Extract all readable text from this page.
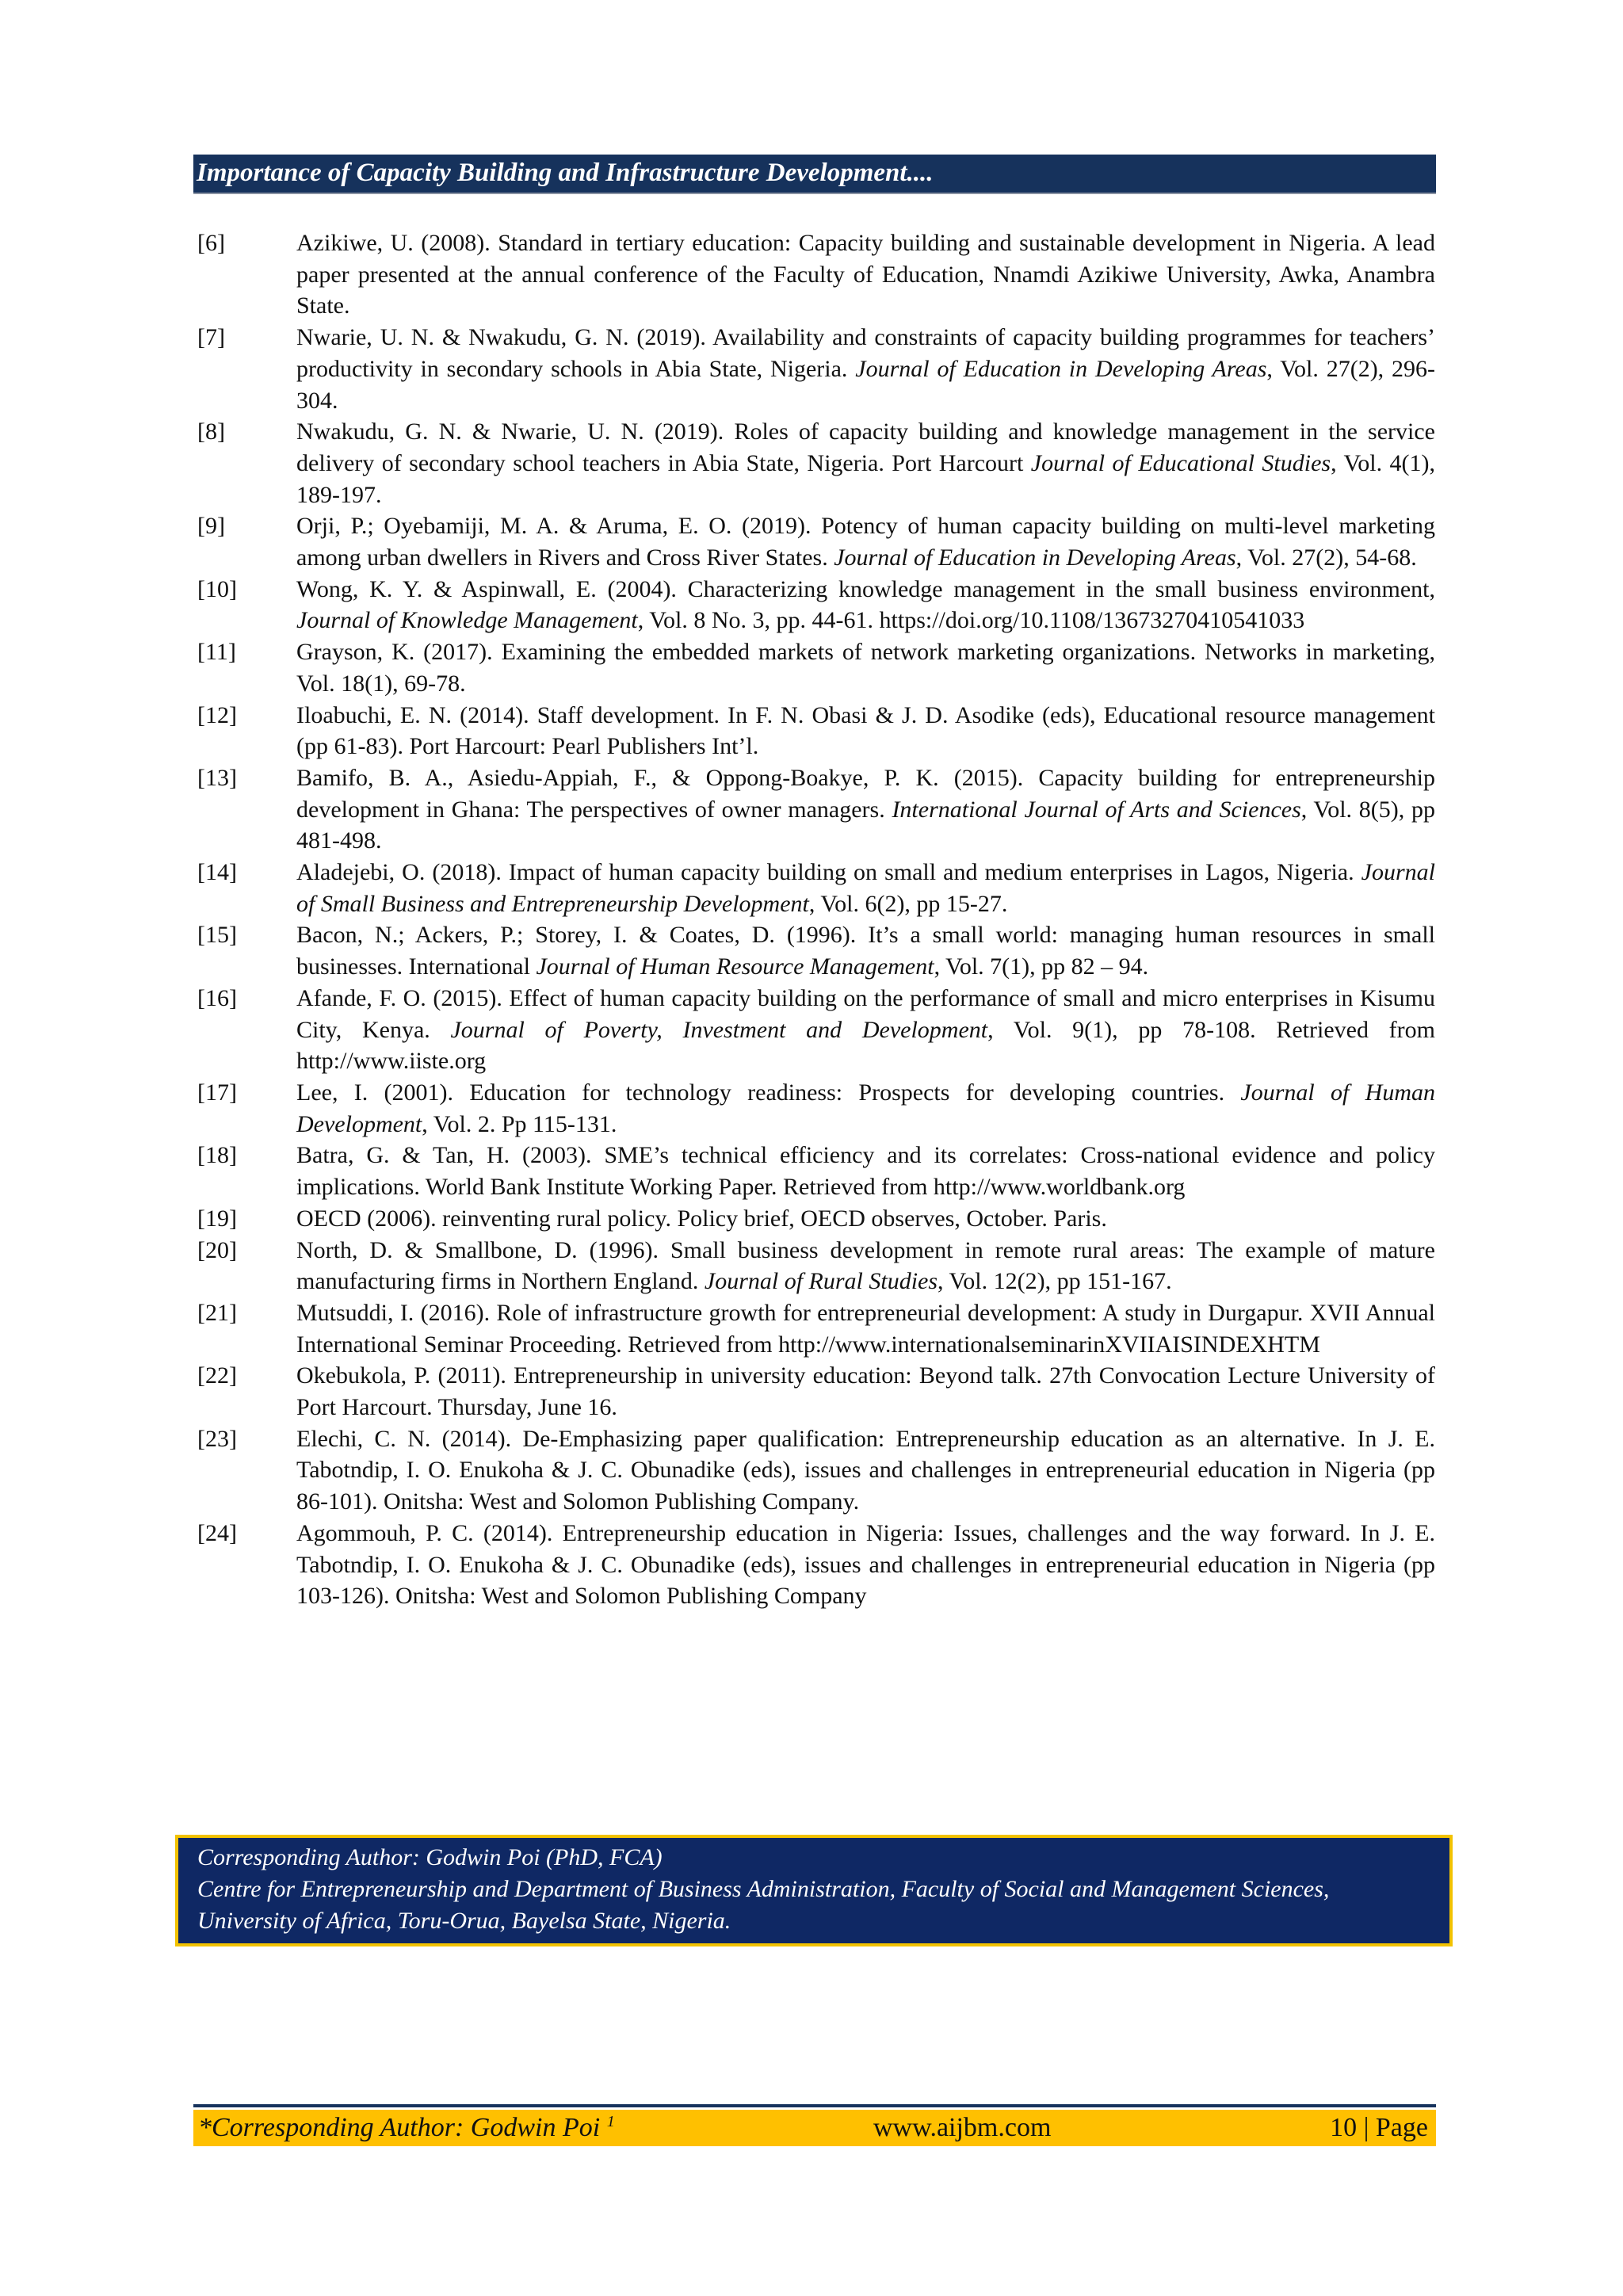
Importance of Capacity Building and Infrastructure Development....
[6]	Azikiwe, U. (2008). Standard in tertiary education: Capacity building and sustainable development in Nigeria. A lead paper presented at the annual conference of the Faculty of Education, Nnamdi Azikiwe University, Awka, Anambra State.
[7]	Nwarie, U. N. & Nwakudu, G. N. (2019). Availability and constraints of capacity building programmes for teachers’ productivity in secondary schools in Abia State, Nigeria. Journal of Education in Developing Areas, Vol. 27(2), 296-304.
[8]	Nwakudu, G. N. & Nwarie, U. N. (2019). Roles of capacity building and knowledge management in the service delivery of secondary school teachers in Abia State, Nigeria. Port Harcourt Journal of Educational Studies, Vol. 4(1), 189-197.
[9]	Orji, P.; Oyebamiji, M. A. & Aruma, E. O. (2019). Potency of human capacity building on multi-level marketing among urban dwellers in Rivers and Cross River States. Journal of Education in Developing Areas, Vol. 27(2), 54-68.
[10]	Wong, K. Y. & Aspinwall, E. (2004). Characterizing knowledge management in the small business environment, Journal of Knowledge Management, Vol. 8 No. 3, pp. 44-61. https://doi.org/10.1108/13673270410541033
[11]	Grayson, K. (2017). Examining the embedded markets of network marketing organizations. Networks in marketing, Vol. 18(1), 69-78.
[12]	Iloabuchi, E. N. (2014). Staff development. In F. N. Obasi & J. D. Asodike (eds), Educational resource management (pp 61-83). Port Harcourt: Pearl Publishers Int’l.
[13]	Bamifo, B. A., Asiedu-Appiah, F., & Oppong-Boakye, P. K. (2015). Capacity building for entrepreneurship development in Ghana: The perspectives of owner managers. International Journal of Arts and Sciences, Vol. 8(5), pp 481-498.
[14]	Aladejebi, O. (2018). Impact of human capacity building on small and medium enterprises in Lagos, Nigeria. Journal of Small Business and Entrepreneurship Development, Vol. 6(2), pp 15-27.
[15]	Bacon, N.; Ackers, P.; Storey, I. & Coates, D. (1996). It’s a small world: managing human resources in small businesses. International Journal of Human Resource Management, Vol. 7(1), pp 82 – 94.
[16]	Afande, F. O. (2015). Effect of human capacity building on the performance of small and micro enterprises in Kisumu City, Kenya. Journal of Poverty, Investment and Development, Vol. 9(1), pp 78-108. Retrieved from http://www.iiste.org
[17]	Lee, I. (2001). Education for technology readiness: Prospects for developing countries. Journal of Human Development, Vol. 2. Pp 115-131.
[18]	Batra, G. & Tan, H. (2003). SME’s technical efficiency and its correlates: Cross-national evidence and policy implications. World Bank Institute Working Paper. Retrieved from http://www.worldbank.org
[19]	OECD (2006). reinventing rural policy. Policy brief, OECD observes, October. Paris.
[20]	North, D. & Smallbone, D. (1996). Small business development in remote rural areas: The example of mature manufacturing firms in Northern England. Journal of Rural Studies, Vol. 12(2), pp 151-167.
[21]	Mutsuddi, I. (2016). Role of infrastructure growth for entrepreneurial development: A study in Durgapur. XVII Annual International Seminar Proceeding. Retrieved from http://www.internationalseminarinXVIIAISINDEXHTM
[22]	Okebukola, P. (2011). Entrepreneurship in university education: Beyond talk. 27th Convocation Lecture University of Port Harcourt. Thursday, June 16.
[23]	Elechi, C. N. (2014). De-Emphasizing paper qualification: Entrepreneurship education as an alternative. In J. E. Tabotndip, I. O. Enukoha & J. C. Obunadike (eds), issues and challenges in entrepreneurial education in Nigeria (pp 86-101). Onitsha: West and Solomon Publishing Company.
[24]	Agommouh, P. C. (2014). Entrepreneurship education in Nigeria: Issues, challenges and the way forward. In J. E. Tabotndip, I. O. Enukoha & J. C. Obunadike (eds), issues and challenges in entrepreneurial education in Nigeria (pp 103-126). Onitsha: West and Solomon Publishing Company
Corresponding Author: Godwin Poi (PhD, FCA)
Centre for Entrepreneurship and Department of Business Administration, Faculty of Social and Management Sciences, University of Africa, Toru-Orua, Bayelsa State, Nigeria.
*Corresponding Author: Godwin Poi $^1$	www.aijbm.com	10 | Page
